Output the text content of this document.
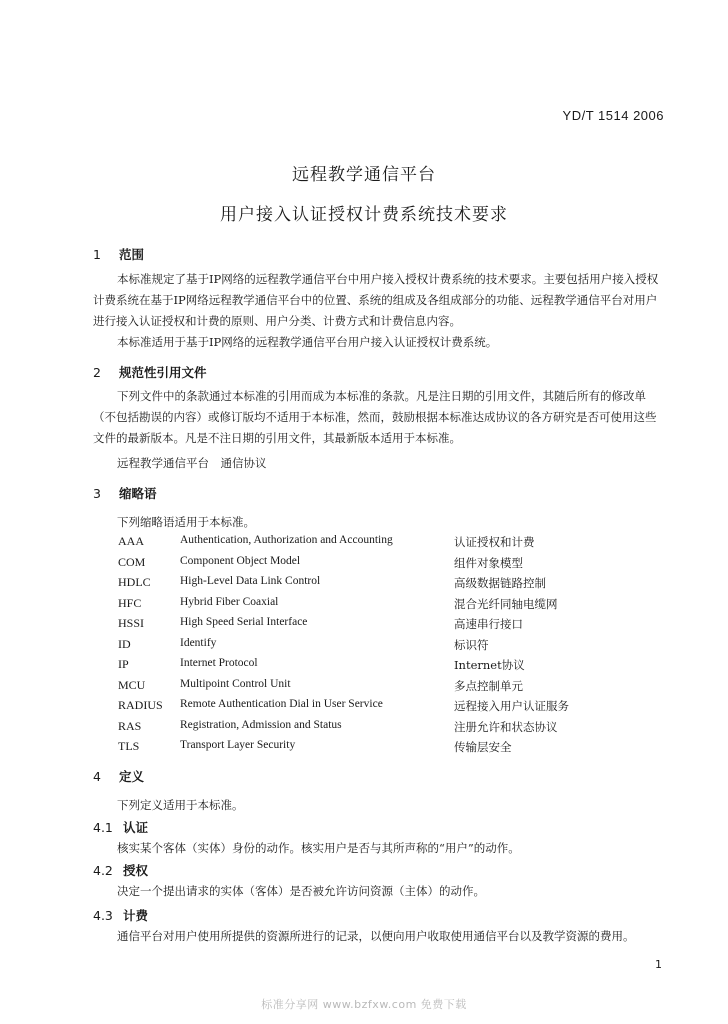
YD/T 1514 2006
远程教学通信平台
用户接入认证授权计费系统技术要求
1 范围
本标准规定了基于IP网络的远程教学通信平台中用户接入授权计费系统的技术要求。主要包括用户接入授权计费系统在基于IP网络远程教学通信平台中的位置、系统的组成及各组成部分的功能、远程教学通信平台对用户进行接入认证授权和计费的原则、用户分类、计费方式和计费信息内容。
本标准适用于基于IP网络的远程教学通信平台用户接入认证授权计费系统。
2 规范性引用文件
下列文件中的条款通过本标准的引用而成为本标准的条款。凡是注日期的引用文件，其随后所有的修改单（不包括勘误的内容）或修订版均不适用于本标准，然而，鼓励根据本标准达成协议的各方研究是否可使用这些文件的最新版本。凡是不注日期的引用文件，其最新版本适用于本标准。
远程教学通信平台　通信协议
3 缩略语
下列缩略语适用于本标准。
AAA	Authentication, Authorization and Accounting	认证授权和计费
COM	Component Object Model	组件对象模型
HDLC	High-Level Data Link Control	高级数据链路控制
HFC	Hybrid Fiber Coaxial	混合光纤同轴电缆网
HSSI	High Speed Serial Interface	高速串行接口
ID	Identify	标识符
IP	Internet Protocol	Internet协议
MCU	Multipoint Control Unit	多点控制单元
RADIUS Remote Authentication Dial in User Service	远程接入用户认证服务
RAS	Registration, Admission and Status	注册允许和状态协议
TLS	Transport Layer Security	传输层安全
4 定义
下列定义适用于本标准。
4.1 认证
核实某个客体（实体）身份的动作。核实用户是否与其所声称的“用户”的动作。
4.2 授权
决定一个提出请求的实体（客体）是否被允许访问资源（主体）的动作。
4.3 计费
通信平台对用户使用所提供的资源所进行的记录，以便向用户收取使用通信平台以及教学资源的费用。
1
标准分享网 www.bzfxw.com 免费下载
